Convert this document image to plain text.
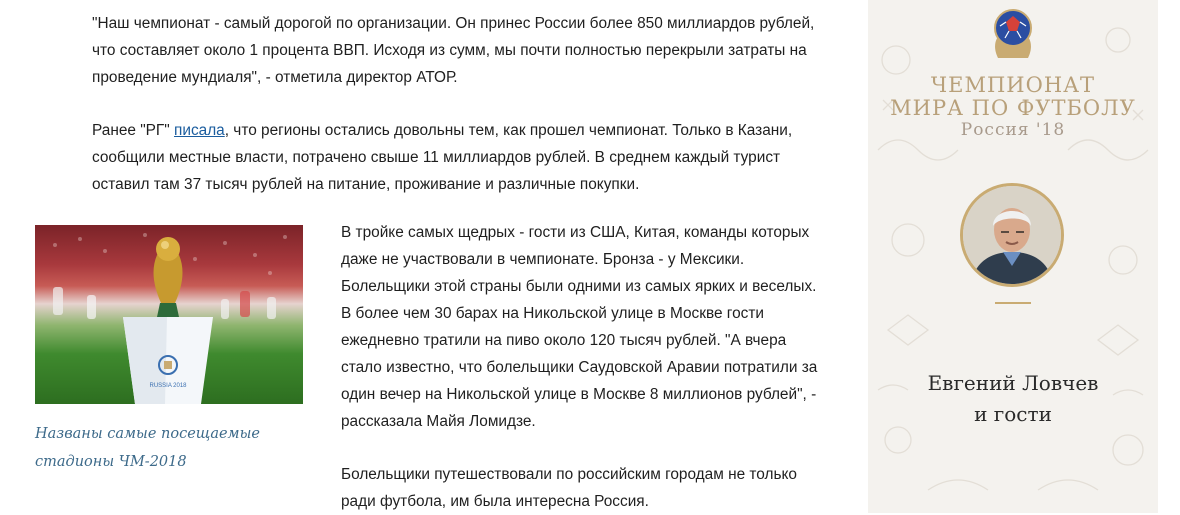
"Наш чемпионат - самый дорогой по организации. Он принес России более 850 миллиардов рублей, что составляет около 1 процента ВВП. Исходя из сумм, мы почти полностью перекрыли затраты на проведение мундиаля", - отметила директор АТОР.

Ранее "РГ" писала, что регионы остались довольны тем, как прошел чемпионат. Только в Казани, сообщили местные власти, потрачено свыше 11 миллиардов рублей. В среднем каждый турист оставил там 37 тысяч рублей на питание, проживание и различные покупки.

В тройке самых щедрых - гости из США, Китая, команды которых даже не участвовали в чемпионате. Бронза - у Мексики. Болельщики этой страны были одними из самых ярких и веселых. В более чем 30 барах на Никольской улице в Москве гости ежедневно тратили на пиво около 120 тысяч рублей. "А вчера стало известно, что болельщики Саудовской Аравии потратили за один вечер на Никольской улице в Москве 8 миллионов рублей", - рассказала Майя Ломидзе.

Болельщики путешествовали по российским городам не только ради футбола, им была интересна Россия.

RUSSIA 2018

Названы самые посещаемые стадионы ЧМ-2018

ЧЕМПИОНАТ
МИРА ПО ФУТБОЛУ
Россия '18
Евгений Ловчев
и гости
